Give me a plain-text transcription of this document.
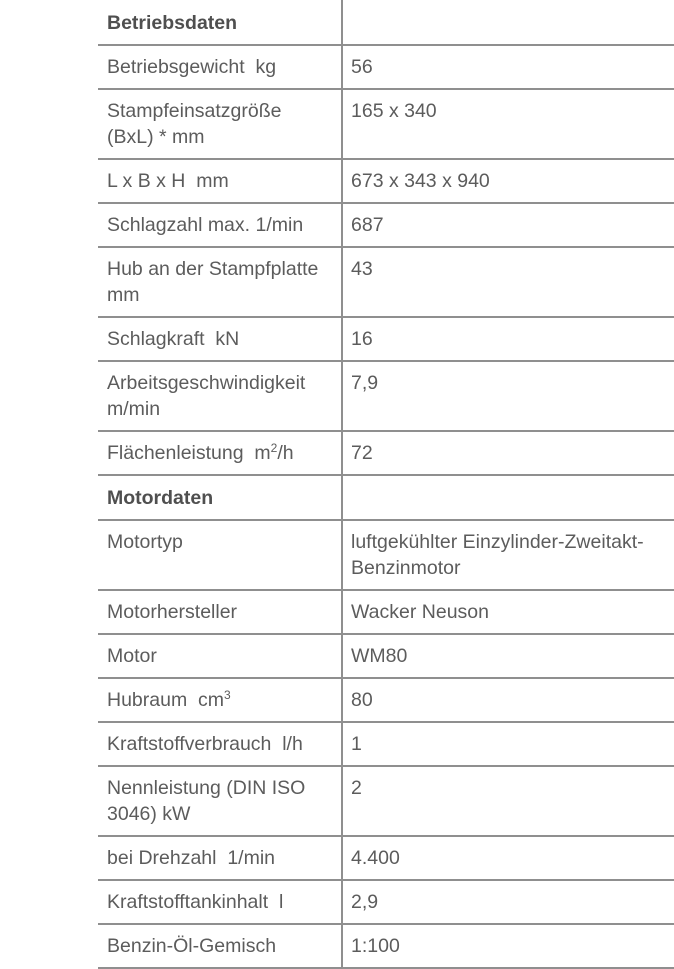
Betriebsdaten	
Betriebsgewicht  kg	56
Stampfeinsatzgröße (BxL) * mm	165 x 340
L x B x H  mm	673 x 343 x 940
Schlagzahl max. 1/min	687
Hub an der Stampfplatte mm	43
Schlagkraft  kN	16
Arbeitsgeschwindigkeit m/min	7,9
Flächenleistung  $m^2/h$	72
Motordaten	
Motortyp	luftgekühlter Einzylinder-Zweitakt-Benzinmotor
Motorhersteller	Wacker Neuson
Motor	WM80
Hubraum  $cm^3$	80
Kraftstoffverbrauch  l/h	1
Nennleistung (DIN ISO 3046) kW	2
bei Drehzahl  1/min	4.400
Kraftstofftankinhalt  l	2,9
Benzin-Öl-Gemisch	1:100
